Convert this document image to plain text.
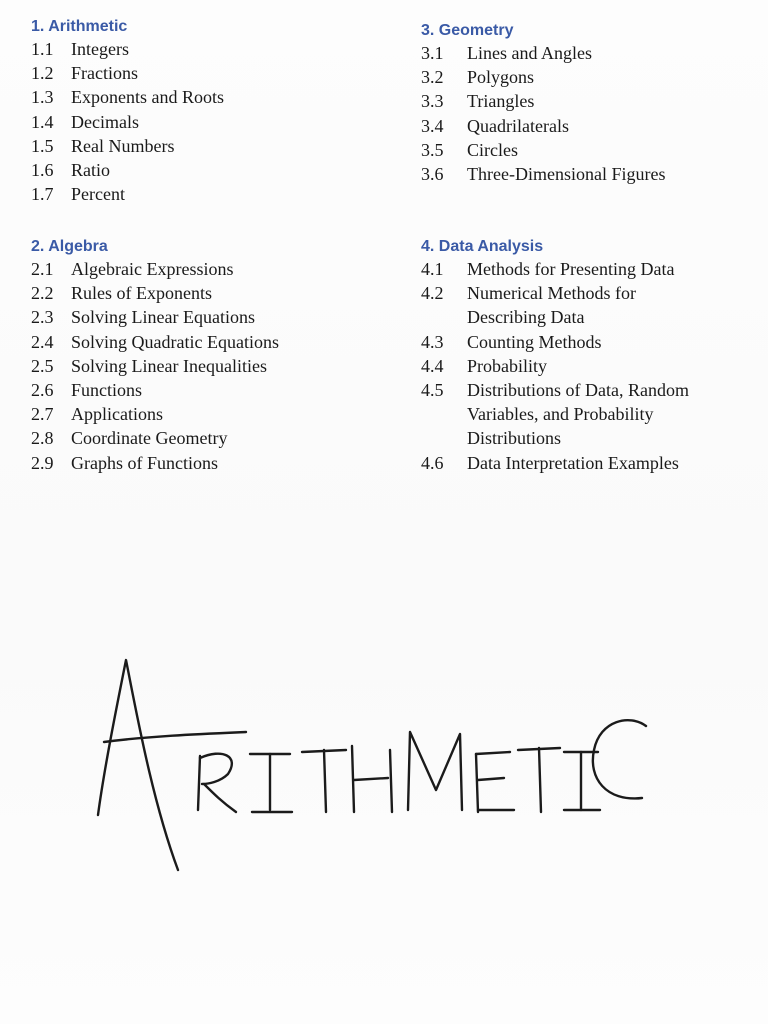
1. Arithmetic
1.1 Integers
1.2 Fractions
1.3 Exponents and Roots
1.4 Decimals
1.5 Real Numbers
1.6 Ratio
1.7 Percent
3. Geometry
3.1	Lines and Angles
3.2	Polygons
3.3	Triangles
3.4	Quadrilaterals
3.5	Circles
3.6	Three-Dimensional Figures
2. Algebra
2.1 Algebraic Expressions
2.2 Rules of Exponents
2.3 Solving Linear Equations
2.4 Solving Quadratic Equations
2.5 Solving Linear Inequalities
2.6 Functions
2.7 Applications
2.8 Coordinate Geometry
2.9 Graphs of Functions
4. Data Analysis
4.1	Methods for Presenting Data
4.2	Numerical Methods for
Describing Data
4.3	Counting Methods
4.4	Probability
4.5	Distributions of Data, Random
Variables, and Probability
Distributions
4.6	Data Interpretation Examples
